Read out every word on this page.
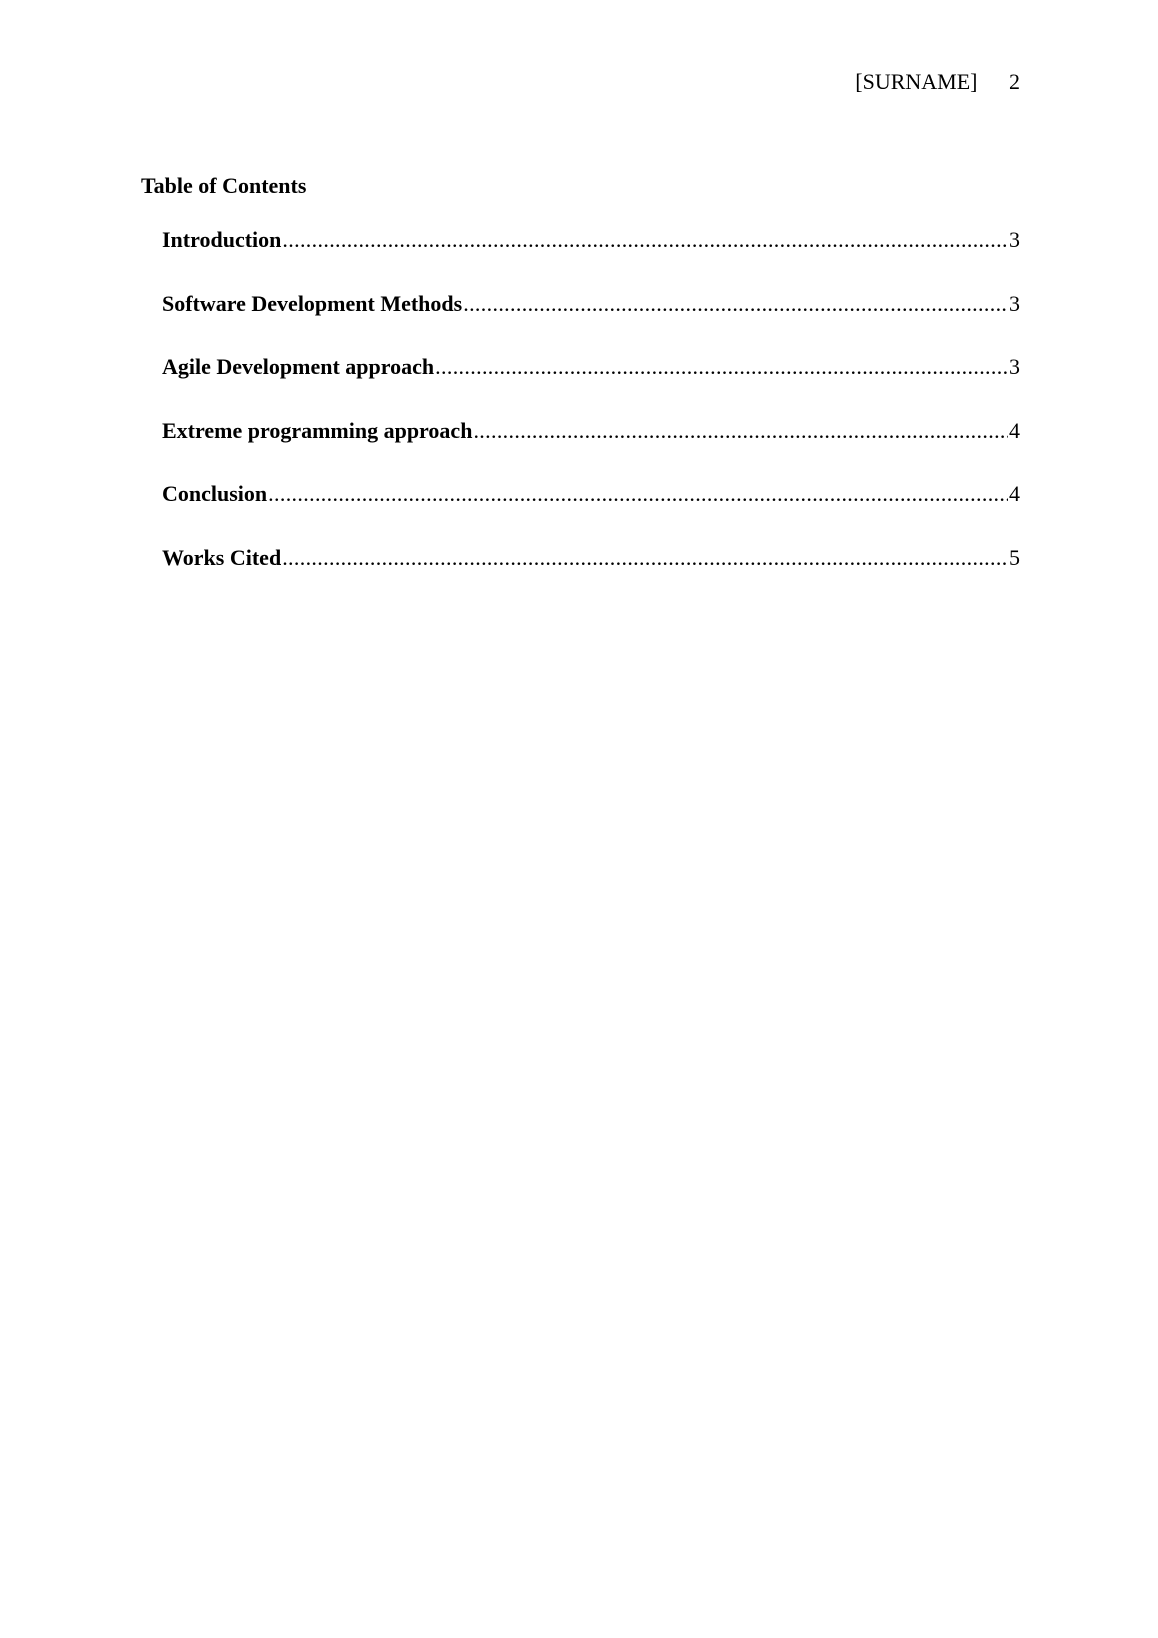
[SURNAME] 2
Table of Contents
Introduction .....	3
Software Development Methods .....	3
Agile Development approach .....	3
Extreme programming approach .....	4
Conclusion .....	4
Works Cited .....	5
